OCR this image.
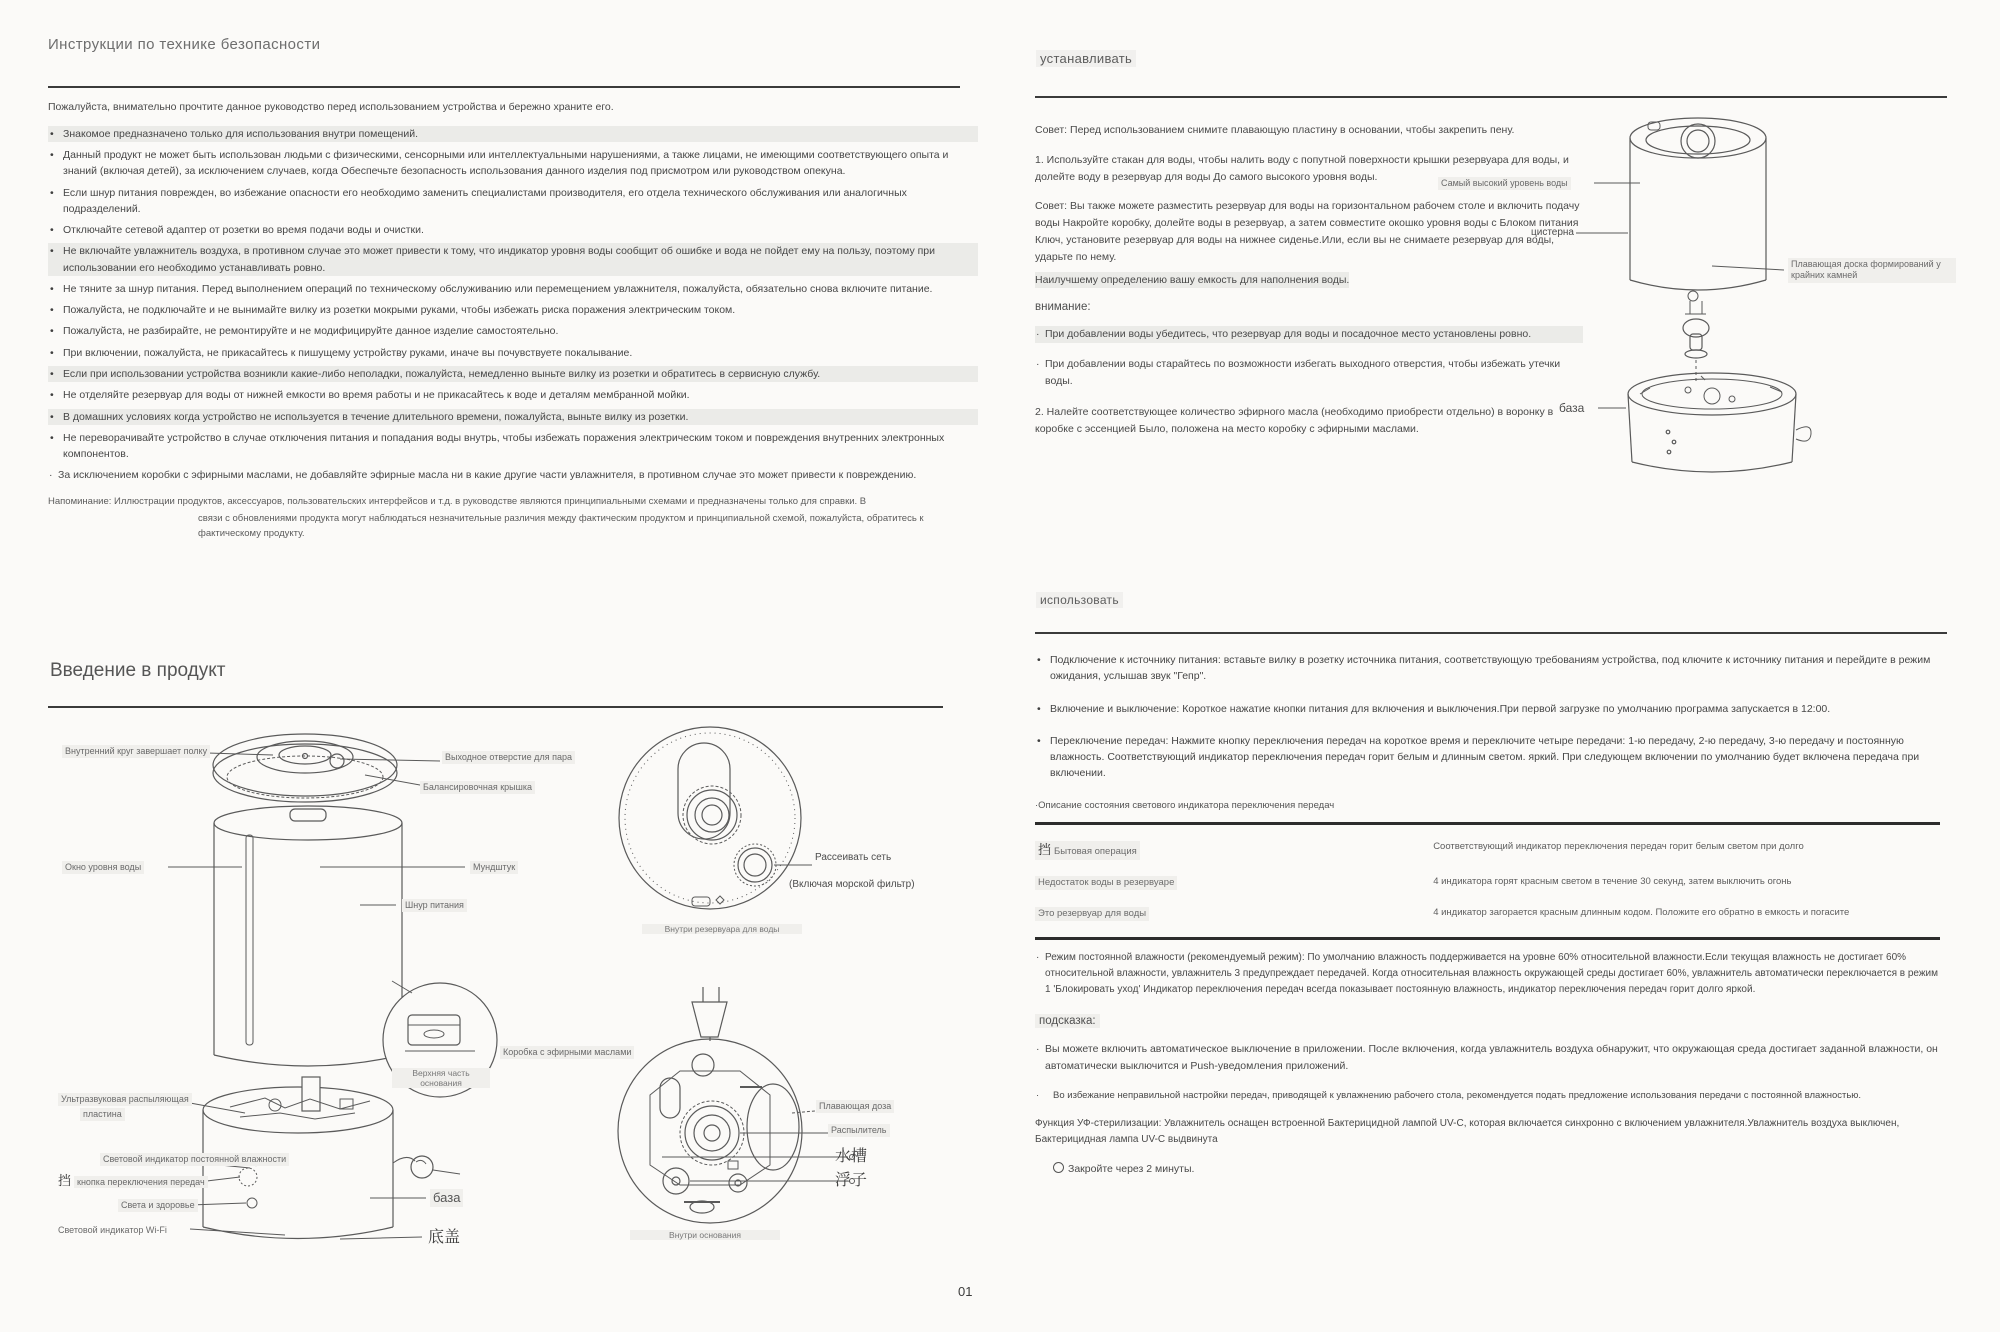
Инструкции по технике безопасности

Пожалуйста, внимательно прочтите данное руководство перед использованием устройства и бережно храните его.

• Знакомое предназначено только для использования внутри помещений.
• Данный продукт не может быть использован людьми с физическими, сенсорными или интеллектуальными нарушениями, а также лицами, не имеющими соответствующего опыта и знаний (включая детей), за исключением случаев, когда Обеспечьте безопасность использования данного изделия под присмотром или руководством опекуна.
• Если шнур питания поврежден, во избежание опасности его необходимо заменить специалистами производителя, его отдела технического обслуживания или аналогичных подразделений.
• Отключайте сетевой адаптер от розетки во время подачи воды и очистки.
• Не включайте увлажнитель воздуха, в противном случае это может привести к тому, что индикатор уровня воды сообщит об ошибке и вода не пойдет ему на пользу, поэтому при использовании его необходимо устанавливать ровно.
• Не тяните за шнур питания. Перед выполнением операций по техническому обслуживанию или перемещением увлажнителя, пожалуйста, обязательно снова включите питание.
• Пожалуйста, не подключайте и не вынимайте вилку из розетки мокрыми руками, чтобы избежать риска поражения электрическим током.
• Пожалуйста, не разбирайте, не ремонтируйте и не модифицируйте данное изделие самостоятельно.
• При включении, пожалуйста, не прикасайтесь к пишущему устройству руками, иначе вы почувствуете покалывание.
• Если при использовании устройства возникли какие-либо неполадки, пожалуйста, немедленно выньте вилку из розетки и обратитесь в сервисную службу.
• Не отделяйте резервуар для воды от нижней емкости во время работы и не прикасайтесь к воде и деталям мембранной мойки.
• В домашних условиях когда устройство не используется в течение длительного времени, пожалуйста, выньте вилку из розетки.
• Не переворачивайте устройство в случае отключения питания и попадания воды внутрь, чтобы избежать поражения электрическим током и повреждения внутренних электронных компонентов.

· За исключением коробки с эфирными маслами, не добавляйте эфирные масла ни в какие другие части увлажнителя, в противном случае это может привести к повреждению.

Напоминание: Иллюстрации продуктов, аксессуаров, пользовательских интерфейсов и т.д. в руководстве являются принципиальными схемами и предназначены только для справки. В

связи с обновлениями продукта могут наблюдаться незначительные различия между фактическим продуктом и принципиальной схемой, пожалуйста, обратитесь к фактическому продукту.

Введение в продукт
Внутренний круг завершает полку
Выходное отверстие для пара
Балансировочная крышка
Окно уровня воды	Мундштук
Шнур питания
Коробка с эфирными маслами
Верхняя часть основания
Ультразвуковая распыляющая
пластина
Световой индикатор постоянной влажности
挡 кнопка переключения передач
Света и здоровье
Световой индикатор Wi-Fi
база
底盖
Рассеивать сеть
(Включая морской фильтр)
Внутри резервуара для воды
Плавающая доза
Распылитель
水槽
浮子
Внутри основания
устанавливать

Совет: Перед использованием снимите плавающую пластину в основании, чтобы закрепить пену.

1. Используйте стакан для воды, чтобы налить воду с попутной поверхности крышки резервуара для воды, и долейте воду в резервуар для воды До самого высокого уровня воды.

Совет: Вы также можете разместить резервуар для воды на горизонтальном рабочем столе и включить подачу воды Накройте коробку, долейте воды в резервуар, а затем совместите окошко уровня воды с Блоком питания Ключ, установите резервуар для воды на нижнее сиденье.Или, если вы не снимаете резервуар для воды, ударьте по нему.

Наилучшему определению вашу емкость для наполнения воды.

внимание:

· При добавлении воды убедитесь, что резервуар для воды и посадочное место установлены ровно.

· При добавлении воды старайтесь по возможности избегать выходного отверстия, чтобы избежать утечки воды.

2. Налейте соответствующее количество эфирного масла (необходимо приобрести отдельно) в воронку в коробке с эссенцией Было, положена на место коробку с эфирными маслами.

Самый высокий уровень воды
цистерна
Плавающая доска формирований у крайних камней
база
использовать
• Подключение к источнику питания: вставьте вилку в розетку источника питания, соответствующую требованиям устройства, под ключите к источнику питания и перейдите в режим ожидания, услышав звук "Гепр".
• Включение и выключение: Короткое нажатие кнопки питания для включения и выключения.При первой загрузке по умолчанию программа запускается в 12:00.
• Переключение передач: Нажмите кнопку переключения передач на короткое время и переключите четыре передачи: 1-ю передачу, 2-ю передачу, 3-ю передачу и постоянную влажность. Соответствующий индикатор переключения передач горит белым и длинным светом. яркий. При следующем включении по умолчанию будет включена передача при включении.

·Описание состояния светового индикатора переключения передач

挡 Бытовая операция	Соответствующий индикатор переключения передач горит белым светом при долго
Недостаток воды в резервуаре	4 индикатора горят красным светом в течение 30 секунд, затем выключить огонь
Это резервуар для воды	4 индикатор загорается красным длинным кодом. Положите его обратно в емкость и погасите

· Режим постоянной влажности (рекомендуемый режим): По умолчанию влажность поддерживается на уровне 60% относительной влажности.Если текущая влажность не достигает 60% относительной влажности, увлажнитель 3 предупреждает передачей. Когда относительная влажность окружающей среды достигает 60%, увлажнитель автоматически переключается в режим 1 'Блокировать уход' Индикатор переключения передач всегда показывает постоянную влажность, индикатор переключения передач горит долго яркой.

подсказка:

· Вы можете включить автоматическое выключение в приложении. После включения, когда увлажнитель воздуха обнаружит, что окружающая среда достигает заданной влажности, он автоматически выключится и Push-уведомления приложений.

· Во избежание неправильной настройки передач, приводящей к увлажнению рабочего стола, рекомендуется подать предложение использования передачи с постоянной влажностью.

Функция УФ-стерилизации: Увлажнитель оснащен встроенной Бактерицидной лампой UV-C, которая включается синхронно с включением увлажнителя.Увлажнитель воздуха выключен, Бактерицидная лампа UV-C выдвинута

Закройте через 2 минуты.

01
